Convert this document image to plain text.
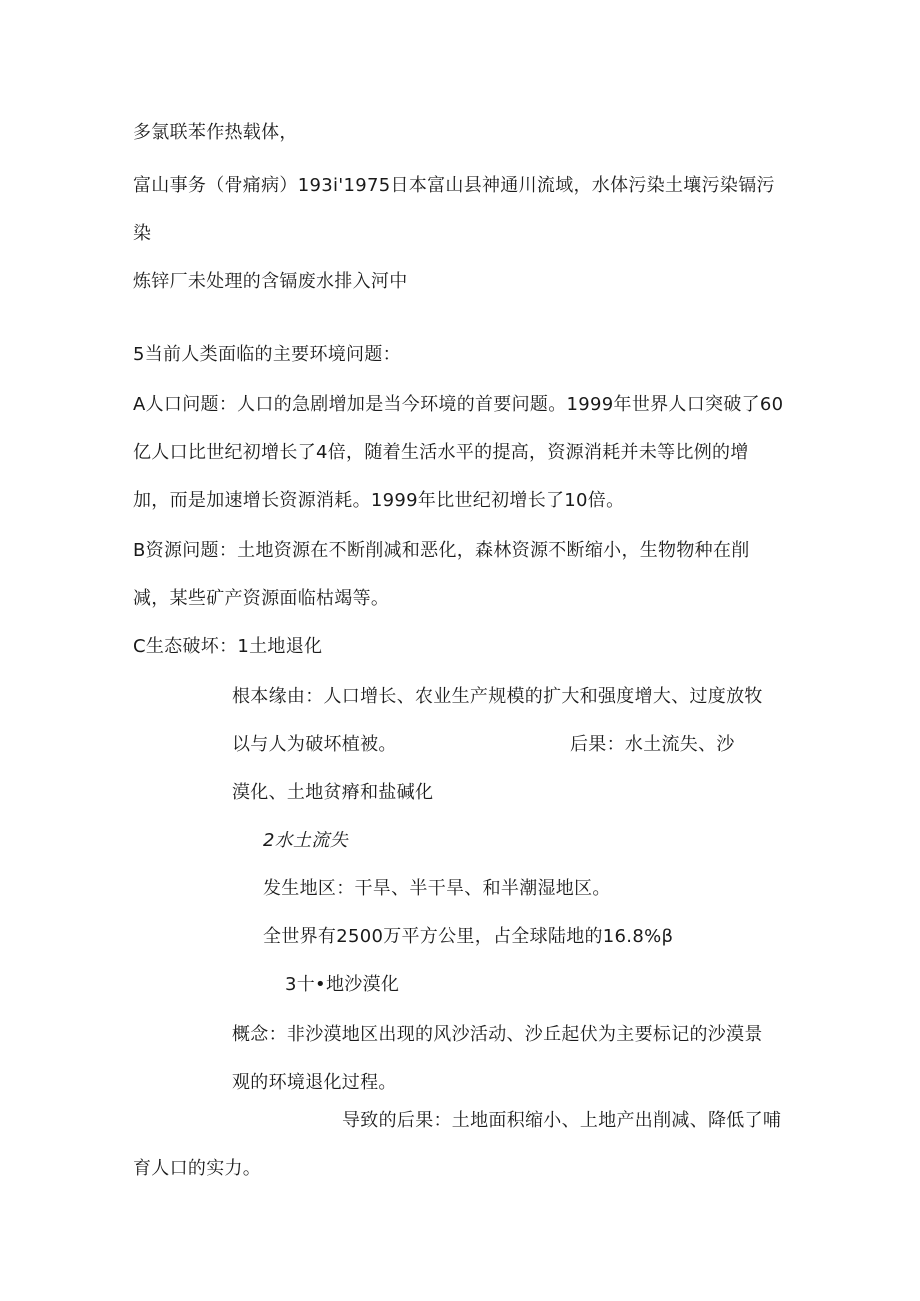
多氯联苯作热载体，
富山事务（骨痛病）193i'1975日本富山县神通川流域，水体污染土壤污染镉污
染
炼锌厂未处理的含镉废水排入河中
5当前人类面临的主要环境问题：
A人口问题：人口的急剧增加是当今环境的首要问题。1999年世界人口突破了60
亿人口比世纪初增长了4倍，随着生活水平的提高，资源消耗并未等比例的增
加，而是加速增长资源消耗。1999年比世纪初增长了10倍。
B资源问题：土地资源在不断削减和恶化，森林资源不断缩小，生物物种在削
减，某些矿产资源面临枯竭等。
C生态破坏：1土地退化
根本缘由：人口增长、农业生产规模的扩大和强度增大、过度放牧
以与人为破坏植被。	后果：水土流失、沙
漠化、土地贫瘠和盐碱化
2水土流失
发生地区：干旱、半干旱、和半潮湿地区。
全世界有2500万平方公里，占全球陆地的16.8%β
3十•地沙漠化
概念：非沙漠地区出现的风沙活动、沙丘起伏为主要标记的沙漠景
观的环境退化过程。
导致的后果：土地面积缩小、上地产出削减、降低了哺
育人口的实力。
